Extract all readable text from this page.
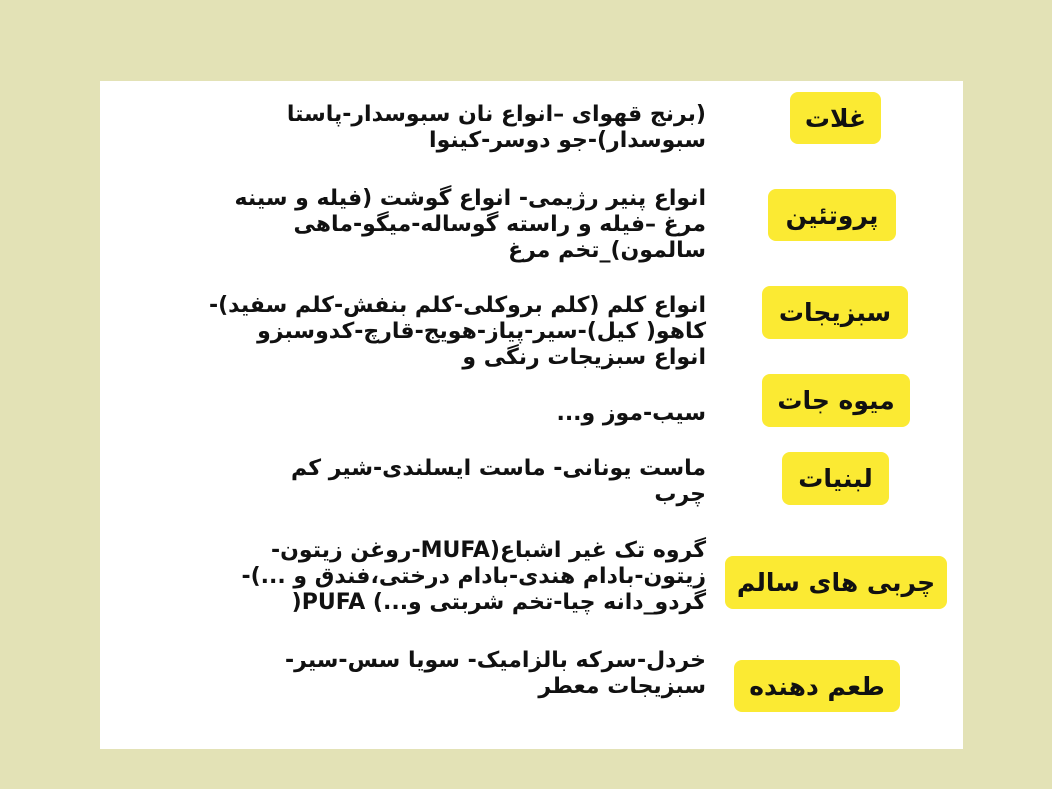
(برنج قهوای –انواع نان سبوسدار-پاستا
سبوسدار)-جو دوسر-کینوا
غلات
انواع پنیر رژیمی- انواع گوشت (فیله و سینه
مرغ –فیله و راسته گوساله-میگو-ماهی
سالمون)_تخم مرغ
پروتئین
انواع کلم (کلم بروکلی-کلم بنفش-کلم سفید)-
کاهو( کیل)-سیر-پیاز-هویج-قارچ-کدوسبزو
انواع سبزیجات رنگی و
سبزیجات
سیب-موز و...	میوه جات
ماست یونانی- ماست ایسلندی-شیر کم
چرب
لبنیات
گروه تک غیر اشباع(MUFA-روغن زیتون-
زیتون-بادام هندی-بادام درختی،فندق و ...)-
(PUFA گردو_دانه چیا-تخم شربتی و...)
چربی های سالم
خردل-سرکه بالزامیک- سویا سس-سیر-
سبزیجات معطر	طعم دهنده
